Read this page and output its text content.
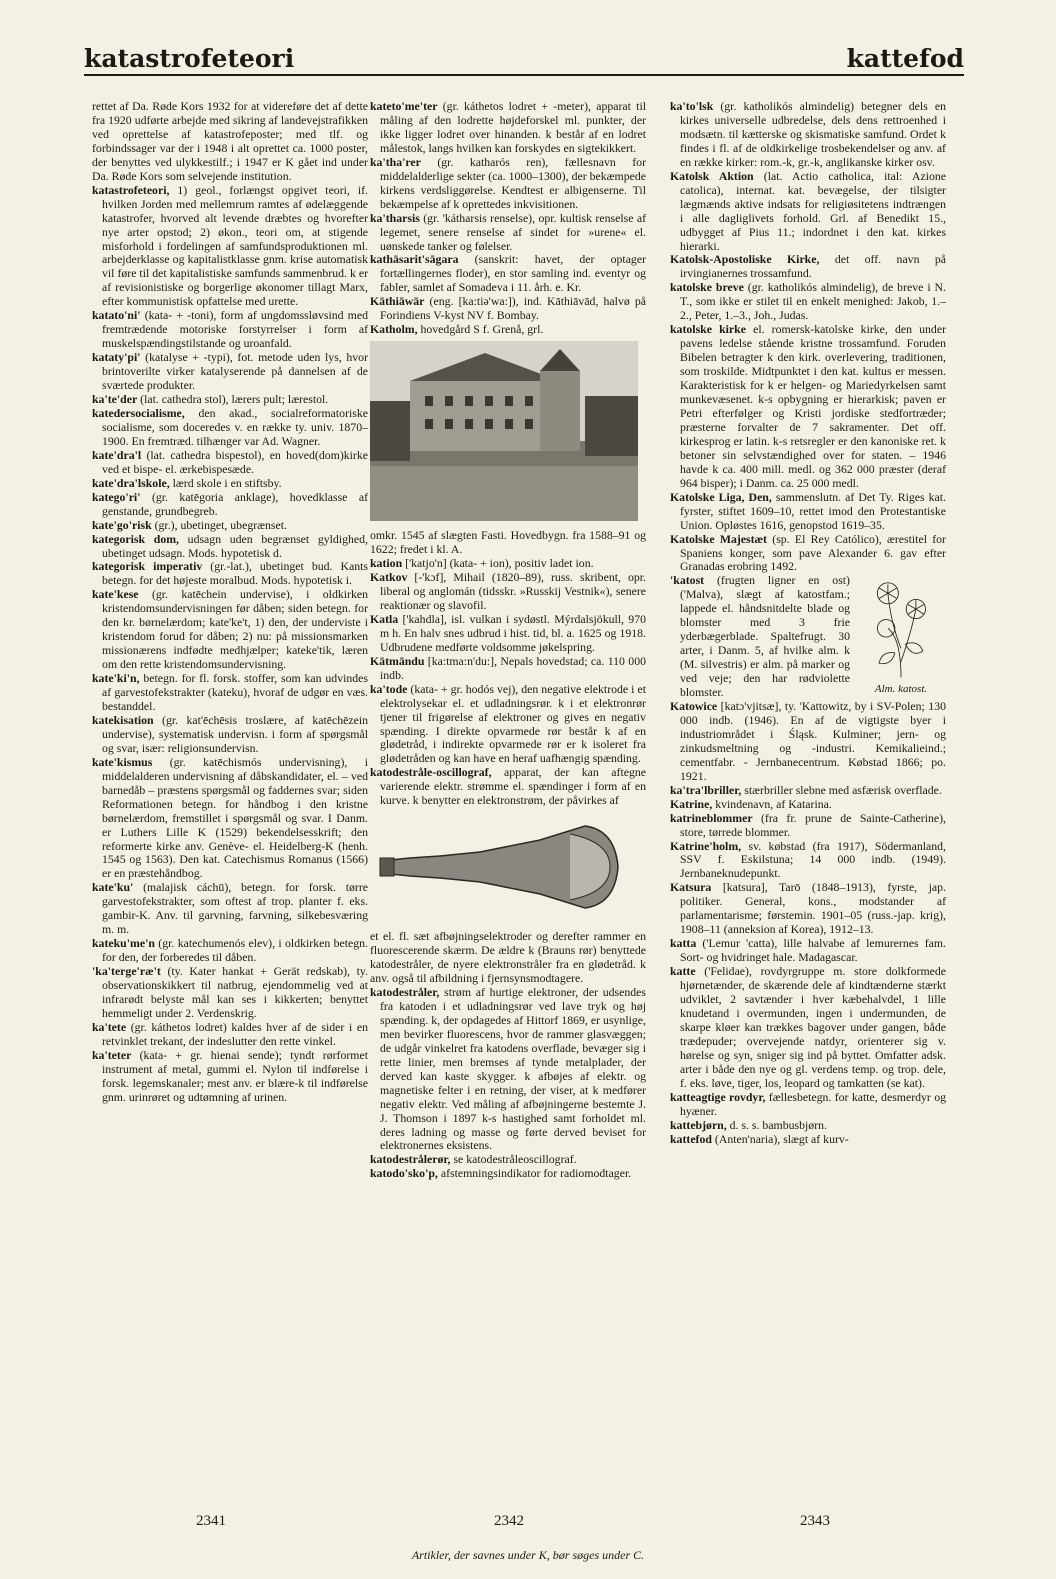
katastrofeteori	kattefod

rettet af Da. Røde Kors 1932 for at videreføre det af dette fra 1920 udførte arbejde med sikring af landevejstrafikken ved oprettelse af katastrofeposter; med tlf. og forbindssager var der i 1948 i alt oprettet ca. 1000 poster, der benyttes ved ulykkestilf.; i 1947 er K gået ind under Da. Røde Kors som selvejende institution.

katastrofeteori, 1) geol., forlængst opgivet teori, if. hvilken Jorden med mellemrum ramtes af ødelæggende katastrofer, hvorved alt levende dræbtes og hvorefter nye arter opstod; 2) økon., teori om, at stigende misforhold i fordelingen af samfundsproduktionen ml. arbejderklasse og kapitalistklasse gnm. krise automatisk vil føre til det kapitalistiske samfunds sammenbrud. k er af revisionistiske og borgerlige økonomer tillagt Marx, efter kommunistisk opfattelse med urette.

katato'ni' (kata- + -toni), form af ungdomssløvsind med fremtrædende motoriske forstyrrelser i form af muskelspændingstilstande og uroanfald.

kataty'pi' (katalyse + -typi), fot. metode uden lys, hvor brintoverilte virker katalyserende på dannelsen af de sværtede produkter.

ka'te'der (lat. cathedra stol), lærers pult; lærestol.

katedersocialisme, den akad., socialreformatoriske socialisme, som doceredes v. en række ty. univ. 1870–1900. En fremtræd. tilhænger var Ad. Wagner.

kate'dra'l (lat. cathedra bispestol), en hoved(dom)kirke ved et bispe- el. ærkebispesæde.

kate'dra'lskole, lærd skole i en stiftsby.

katego'ri' (gr. katēgoria anklage), hovedklasse af genstande, grundbegreb.

kate'go'risk (gr.), ubetinget, ubegrænset.

kategorisk dom, udsagn uden begrænset gyldighed, ubetinget udsagn. Mods. hypotetisk d.

kategorisk imperativ (gr.-lat.), ubetinget bud. Kants betegn. for det højeste moralbud. Mods. hypotetisk i.

kate'kese (gr. katēchein undervise), i oldkirken kristendomsundervisningen før dåben; siden betegn. for den kr. børnelærdom; kate'ke't, 1) den, der underviste i kristendom forud for dåben; 2) nu: på missionsmarken missionærens indfødte medhjælper; kateke'tik, læren om den rette kristendomsundervisning.

kate'ki'n, betegn. for fl. forsk. stoffer, som kan udvindes af garvestofekstrakter (kateku), hvoraf de udgør en væs. bestanddel.

katekisation (gr. kat'ēchēsis troslære, af katēchēzein undervise), systematisk undervisn. i form af spørgsmål og svar, især: religionsundervisn.

kate'kismus (gr. katēchismós undervisning), i middelalderen undervisning af dåbskandidater, el. – ved barnedåb – præstens spørgsmål og faddernes svar; siden Reformationen betegn. for håndbog i den kristne børnelærdom, fremstillet i spørgsmål og svar. I Danm. er Luthers Lille K (1529) bekendelsesskrift; den reformerte kirke anv. Genève- el. Heidelberg-K (henh. 1545 og 1563). Den kat. Catechismus Romanus (1566) er en præstehåndbog.

kate'ku' (malajisk cáchū), betegn. for forsk. tørre garvestofekstrakter, som oftest af trop. planter f. eks. gambir-K. Anv. til garvning, farvning, silkebesværing m. m.

kateku'me'n (gr. katechumenós elev), i oldkirken betegn. for den, der forberedes til dåben.

'ka'terge'ræ't (ty. Kater hankat + Gerät redskab), ty. observationskikkert til natbrug, ejendommelig ved at infrarødt belyste mål kan ses i kikkerten; benyttet hemmeligt under 2. Verdenskrig.

ka'tete (gr. káthetos lodret) kaldes hver af de sider i en retvinklet trekant, der indeslutter den rette vinkel.

ka'teter (kata- + gr. hienai sende); tyndt rørformet instrument af metal, gummi el. Nylon til indførelse i forsk. legemskanaler; mest anv. er blære-k til indførelse gnm. urinrøret og udtømning af urinen.

kateto'me'ter (gr. káthetos lodret + -meter), apparat til måling af den lodrette højdeforskel ml. punkter, der ikke ligger lodret over hinanden. k består af en lodret målestok, langs hvilken kan forskydes en sigtekikkert.

ka'tha'rer (gr. katharós ren), fællesnavn for middelalderlige sekter (ca. 1000–1300), der bekæmpede kirkens verdsliggørelse. Kendtest er albigenserne. Til bekæmpelse af k oprettedes inkvisitionen.

ka'tharsis (gr. 'kátharsis renselse), opr. kultisk renselse af legemet, senere renselse af sindet for »urene« el. uønskede tanker og følelser.

kathāsarit'sāgara (sanskrit: havet, der optager fortællingernes floder), en stor samling ind. eventyr og fabler, samlet af Somadeva i 11. årh. e. Kr.

Kāthiāwār (eng. [ka:tiə'wa:]), ind. Kāthiāvād, halvø på Forindiens V-kyst NV f. Bombay.

Katholm, hovedgård S f. Grenå, grl.

omkr. 1545 af slægten Fasti. Hovedbygn. fra 1588–91 og 1622; fredet i kl. A.

kation ['katjo'n] (kata- + ion), positiv ladet ion.

Katkov [-'kɔf], Mihail (1820–89), russ. skribent, opr. liberal og anglomán (tidsskr. »Russkij Vestnik«), senere reaktionær og slavofil.

Katla ['kahdla], isl. vulkan i sydøstl. Mýrdalsjökull, 970 m h. En halv snes udbrud i hist. tid, bl. a. 1625 og 1918. Udbrudene medførte voldsomme jøkelspring.

Kātmāndu [ka:tma:n'du:], Nepals hovedstad; ca. 110 000 indb.

ka'tode (kata- + gr. hodós vej), den negative elektrode i et elektrolysekar el. et udladningsrør. k i et elektronrør tjener til frigørelse af elektroner og gives en negativ spænding. I direkte opvarmede rør består k af en glødetråd, i indirekte opvarmede rør er k isoleret fra glødetråden og kan have en heraf uafhængig spænding.

katodestråle-oscillograf, apparat, der kan aftegne varierende elektr. strømme el. spændinger i form af en kurve. k benytter en elektronstrøm, der påvirkes af

et el. fl. sæt afbøjningselektroder og derefter rammer en fluorescerende skærm. De ældre k (Brauns rør) benyttede katodestråler, de nyere elektronstråler fra en glødetråd. k anv. også til afbildning i fjernsynsmodtagere.

katodestråler, strøm af hurtige elektroner, der udsendes fra katoden i et udladningsrør ved lave tryk og høj spænding. k, der opdagedes af Hittorf 1869, er usynlige, men bevirker fluorescens, hvor de rammer glasvæggen; de udgår vinkelret fra katodens overflade, bevæger sig i rette linier, men bremses af tynde metalplader, der derved kan kaste skygger. k afbøjes af elektr. og magnetiske felter i en retning, der viser, at k medfører negativ elektr. Ved måling af afbøjningerne bestemte J. J. Thomson i 1897 k-s hastighed samt forholdet ml. deres ladning og masse og førte derved beviset for elektronernes eksistens.

katodestrålerør, se katodestråleoscillograf.

katodo'sko'p, afstemningsindikator for radiomodtager.

ka'to'lsk (gr. katholikós almindelig) betegner dels en kirkes universelle udbredelse, dels dens rettroenhed i modsætn. til kætterske og skismatiske samfund. Ordet k findes i fl. af de oldkirkelige trosbekendelser og anv. af en række kirker: rom.-k, gr.-k, anglikanske kirker osv.

Katolsk Aktion (lat. Actio catholica, ital: Azione catolica), internat. kat. bevægelse, der tilsigter lægmænds aktive indsats for religiøsitetens indtrængen i alle dagliglivets forhold. Grl. af Benedikt 15., udbygget af Pius 11.; indordnet i den kat. kirkes hierarki.

Katolsk-Apostoliske Kirke, det off. navn på irvingianernes trossamfund.

katolske breve (gr. katholikós almindelig), de breve i N. T., som ikke er stilet til en enkelt menighed: Jakob, 1.–2., Peter, 1.–3., Joh., Judas.

katolske kirke el. romersk-katolske kirke, den under pavens ledelse stående kristne trossamfund. Foruden Bibelen betragter k den kirk. overlevering, traditionen, som troskilde. Midtpunktet i den kat. kultus er messen. Karakteristisk for k er helgen- og Mariedyrkelsen samt munkevæsenet. k-s opbygning er hierarkisk; paven er Petri efterfølger og Kristi jordiske stedfortræder; præsterne forvalter de 7 sakramenter. Det off. kirkesprog er latin. k-s retsregler er den kanoniske ret. k betoner sin selvstændighed over for staten. – 1946 havde k ca. 400 mill. medl. og 362 000 præster (deraf 964 bisper); i Danm. ca. 25 000 medl.

Katolske Liga, Den, sammenslutn. af Det Ty. Riges kat. fyrster, stiftet 1609–10, rettet imod den Protestantiske Union. Opløstes 1616, genopstod 1619–35.

Katolske Majestæt (sp. El Rey Católico), ærestitel for Spaniens konger, som pave Alexander 6. gav efter Granadas erobring 1492.

Alm. katost.

'katost (frugten ligner en ost) ('Malva), slægt af katostfam.; lappede el. håndsnitdelte blade og blomster med 3 frie yderbægerblade. Spaltefrugt. 30 arter, i Danm. 5, af hvilke alm. k (M. silvestris) er alm. på marker og ved veje; den har rødviolette blomster.

Katowice [katɔ'vjitsæ], ty. 'Kattowitz, by i SV-Polen; 130 000 indb. (1946). En af de vigtigste byer i industriområdet i Śląsk. Kulminer; jern- og zinkudsmeltning og -industri. Kemikalieind.; cementfabr. - Jernbanecentrum. Købstad 1866; po. 1921.

ka'tra'lbriller, stærbriller slebne med asfærisk overflade.

Katrine, kvindenavn, af Katarina.

katrineblommer (fra fr. prune de Sainte-Catherine), store, tørrede blommer.

Katrine'holm, sv. købstad (fra 1917), Södermanland, SSV f. Eskilstuna; 14 000 indb. (1949). Jernbaneknudepunkt.

Katsura [katsura], Tarō (1848–1913), fyrste, jap. politiker. General, kons., modstander af parlamentarisme; førstemin. 1901–05 (russ.-jap. krig), 1908–11 (anneksion af Korea), 1912–13.

katta ('Lemur 'catta), lille halvabe af lemurernes fam. Sort- og hvidringet hale. Madagascar.

katte ('Felidae), rovdyrgruppe m. store dolkformede hjørnetænder, de skærende dele af kindtænderne stærkt udviklet, 2 savtænder i hver kæbehalvdel, 1 lille knudetand i overmunden, ingen i undermunden, de skarpe kløer kan trækkes bagover under gangen, både trædepuder; overvejende natdyr, orienterer sig v. hørelse og syn, sniger sig ind på byttet. Omfatter adsk. arter i både den nye og gl. verdens temp. og trop. dele, f. eks. løve, tiger, los, leopard og tamkatten (se kat).

katteagtige rovdyr, fællesbetegn. for katte, desmerdyr og hyæner.

kattebjørn, d. s. s. bambusbjørn.

kattefod (Anten'naria), slægt af kurv-

2341	2342	2343
Artikler, der savnes under K, bør søges under C.
